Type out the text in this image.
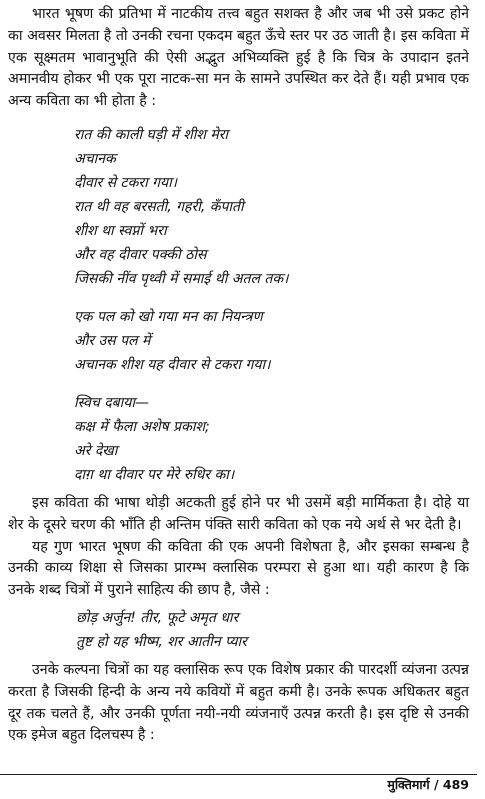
भारत भूषण की प्रतिभा में नाटकीय तत्त्व बहुत सशक्त है और जब भी उसे प्रकट होने का अवसर मिलता है तो उनकी रचना एकदम बहुत ऊँचे स्तर पर उठ जाती है। इस कविता में एक सूक्ष्मतम भावानुभूति की ऐसी अद्भुत अभिव्यक्ति हुई है कि चित्र के उपादान इतने अमानवीय होकर भी एक पूरा नाटक-सा मन के सामने उपस्थित कर देते हैं। यही प्रभाव एक अन्य कविता का भी होता है :

रात की काली घड़ी में शीश मेरा
अचानक
दीवार से टकरा गया।
रात थी वह बरसती, गहरी, कँपाती
शीश था स्वप्नों भरा
और वह दीवार पक्की ठोस
जिसकी नींव पृथ्वी में समाई थी अतल तक।
एक पल को खो गया मन का नियन्त्रण
और उस पल में
अचानक शीश यह दीवार से टकरा गया।
स्विच दबाया—
कक्ष में फैला अशेष प्रकाश;
अरे देखा
दाग़ था दीवार पर मेरे रुधिर का।

इस कविता की भाषा थोड़ी अटकती हुई होने पर भी उसमें बड़ी मार्मिकता है। दोहे या शेर के दूसरे चरण की भाँति ही अन्तिम पंक्ति सारी कविता को एक नये अर्थ से भर देती है।

यह गुण भारत भूषण की कविता की एक अपनी विशेषता है, और इसका सम्बन्ध है उनकी काव्य शिक्षा से जिसका प्रारम्भ क्लासिक परम्परा से हुआ था। यही कारण है कि उनके शब्द चित्रों में पुराने साहित्य की छाप है, जैसे :

छोड़ अर्जुन! तीर, फूटे अमृत धार
तुष्ट हो यह भीष्म, शर आतीन प्यार

उनके कल्पना चित्रों का यह क्लासिक रूप एक विशेष प्रकार की पारदर्शी व्यंजना उत्पन्न करता है जिसकी हिन्दी के अन्य नये कवियों में बहुत कमी है। उनके रूपक अधिकतर बहुत दूर तक चलते हैं, और उनकी पूर्णता नयी-नयी व्यंजनाएँ उत्पन्न करती है। इस दृष्टि से उनकी एक इमेज बहुत दिलचस्प है :

मुक्तिमार्ग / 489
